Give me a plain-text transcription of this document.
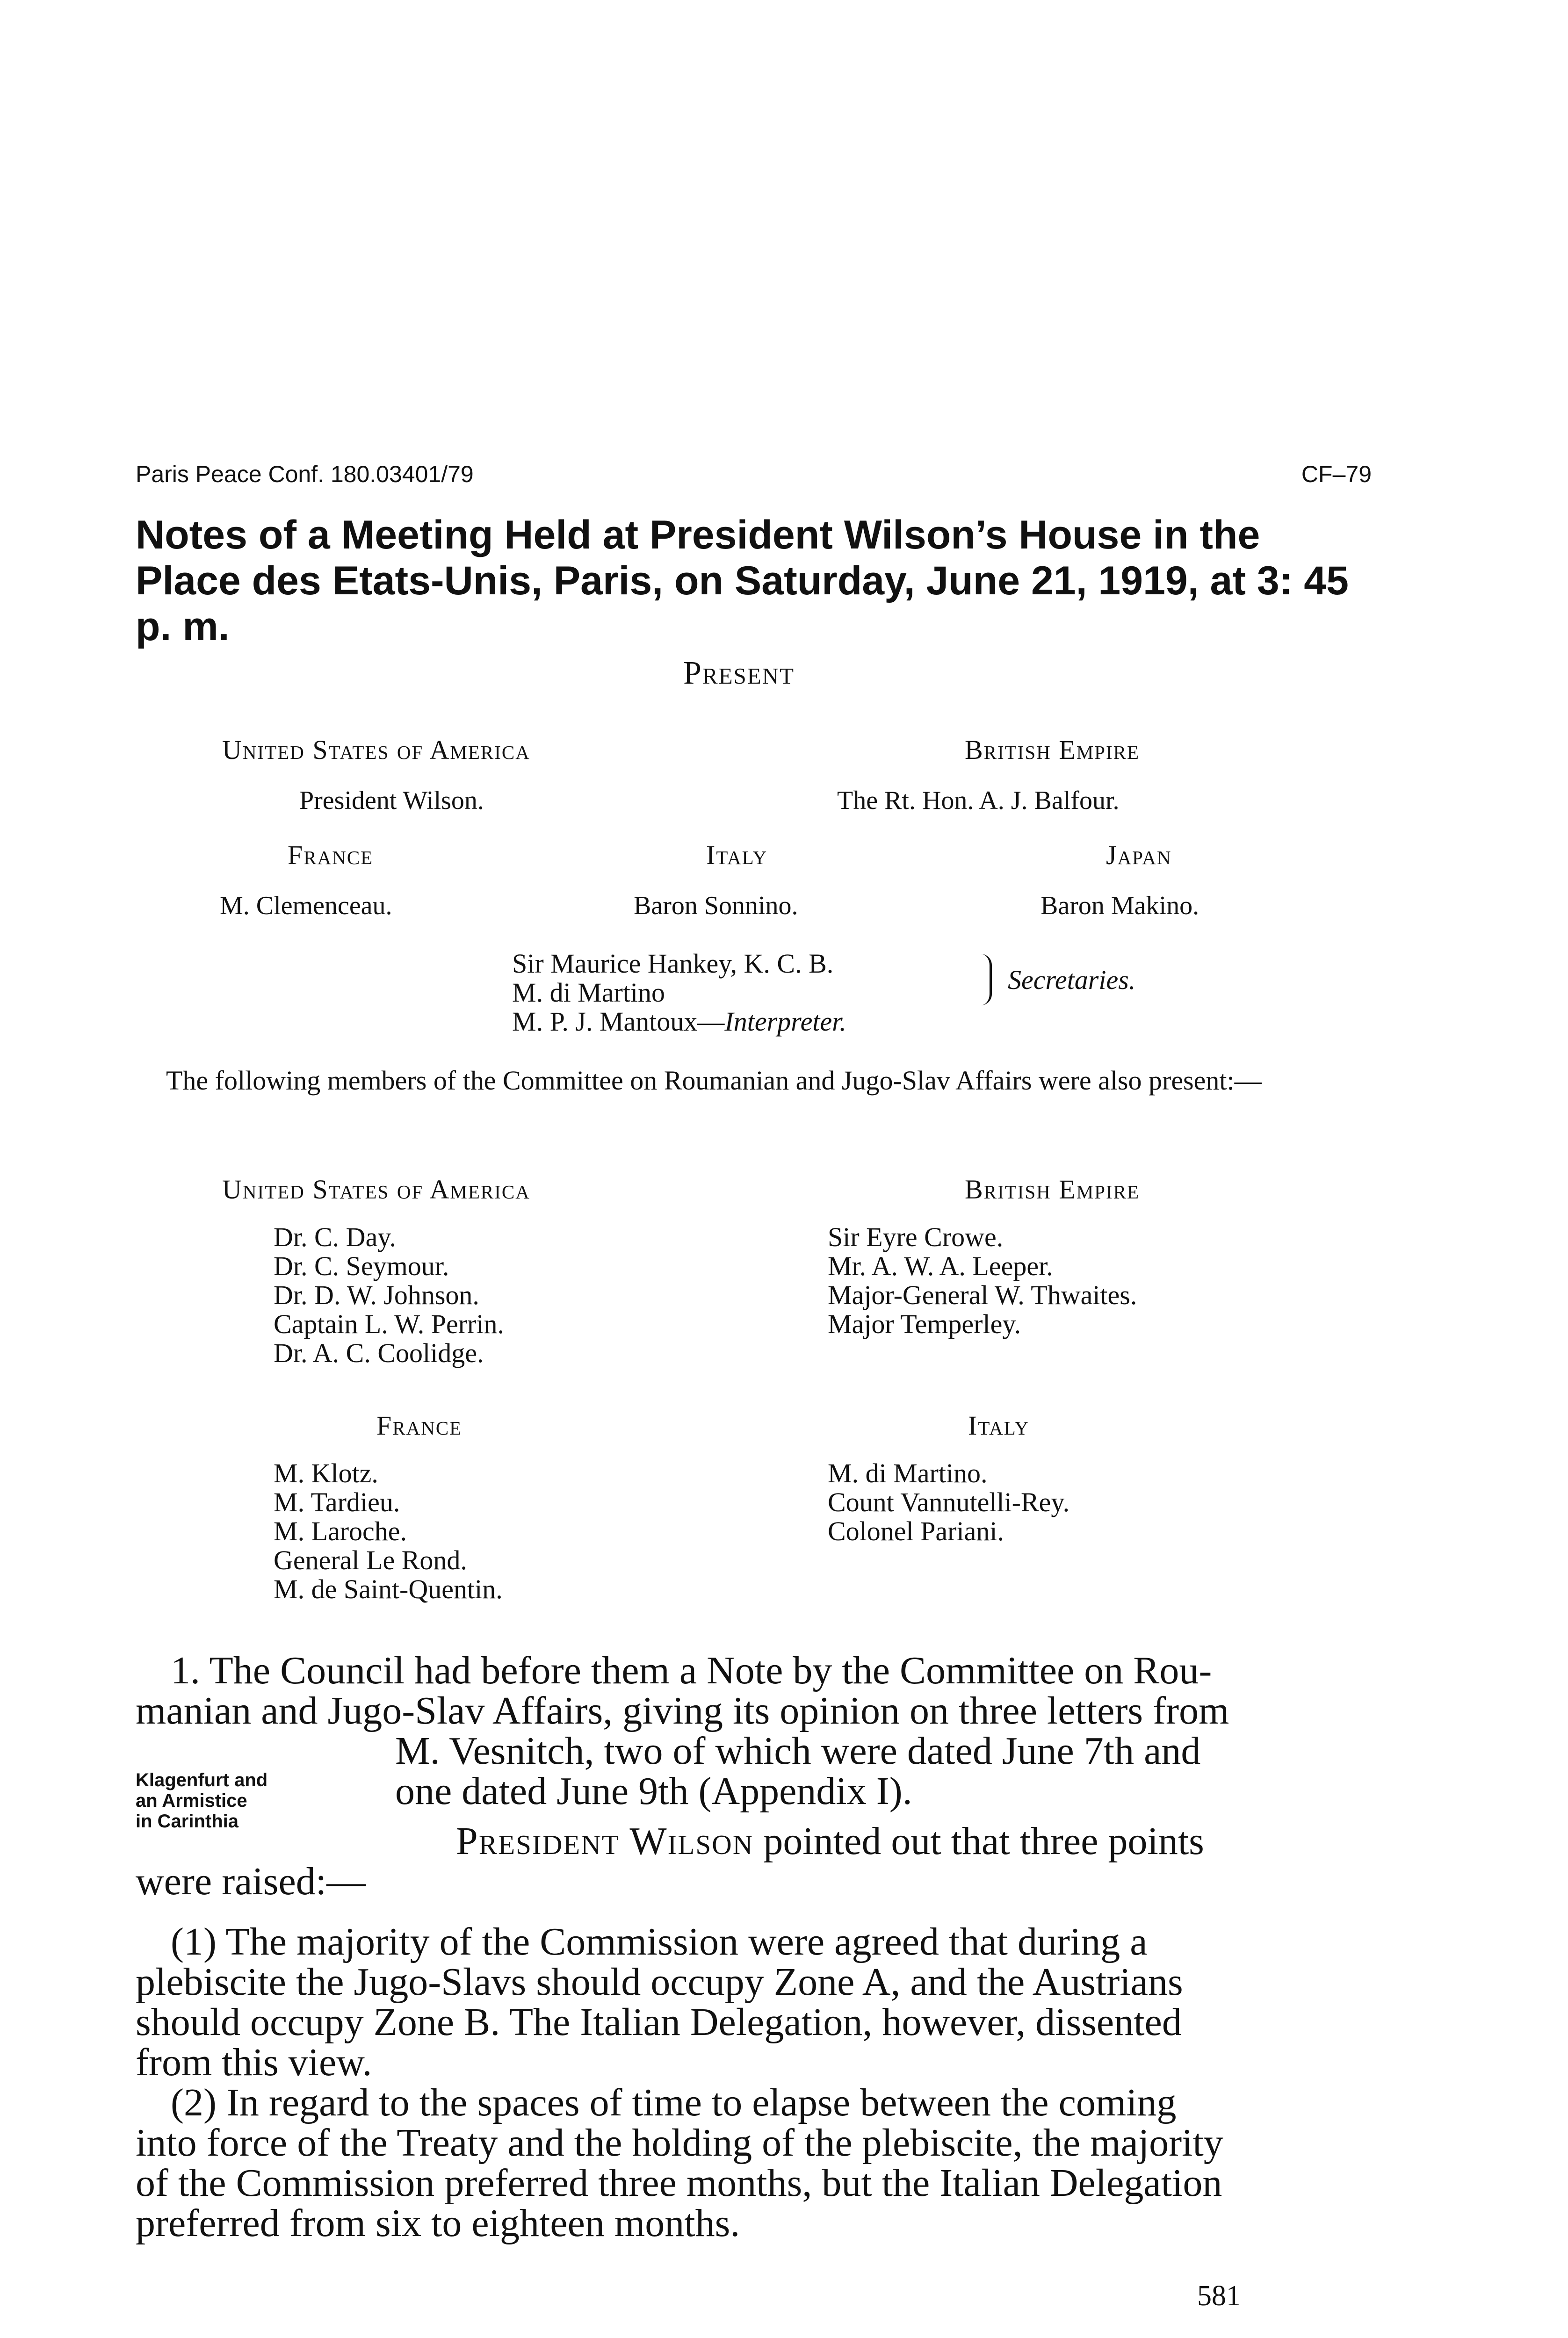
Paris Peace Conf. 180.03401/79	CF–79
Notes of a Meeting Held at President Wilson’s House in the Place des Etats-Unis, Paris, on Saturday, June 21, 1919, at 3: 45 p. m.
Present
United States of America	British Empire
President Wilson.	The Rt. Hon. A. J. Balfour.
France	Italy	Japan
M. Clemenceau.	Baron Sonnino.	Baron Makino.
Sir Maurice Hankey, K. C. B.
M. di Martino	Secretaries.
M. P. J. Mantoux—Interpreter.
The following members of the Committee on Roumanian and Jugo-Slav Affairs were also present:—
United States of America
Dr. C. Day.
Dr. C. Seymour.
Dr. D. W. Johnson.
Captain L. W. Perrin.
Dr. A. C. Coolidge.
British Empire
Sir Eyre Crowe.
Mr. A. W. A. Leeper.
Major-General W. Thwaites.
Major Temperley.
France
M. Klotz.
M. Tardieu.
M. Laroche.
General Le Rond.
M. de Saint-Quentin.
Italy
M. di Martino.
Count Vannutelli-Rey.
Colonel Pariani.
1. The Council had before them a Note by the Committee on Rou-
manian and Jugo-Slav Affairs, giving its opinion on three letters from
M. Vesnitch, two of which were dated June 7th and
one dated June 9th (Appendix I).
Klagenfurt and
an Armistice
in Carinthia	President Wilson pointed out that three points
were raised:—
(1) The majority of the Commission were agreed that during a
plebiscite the Jugo-Slavs should occupy Zone A, and the Austrians
should occupy Zone B. The Italian Delegation, however, dissented
from this view.
(2) In regard to the spaces of time to elapse between the coming
into force of the Treaty and the holding of the plebiscite, the majority
of the Commission preferred three months, but the Italian Delegation
preferred from six to eighteen months.
581
